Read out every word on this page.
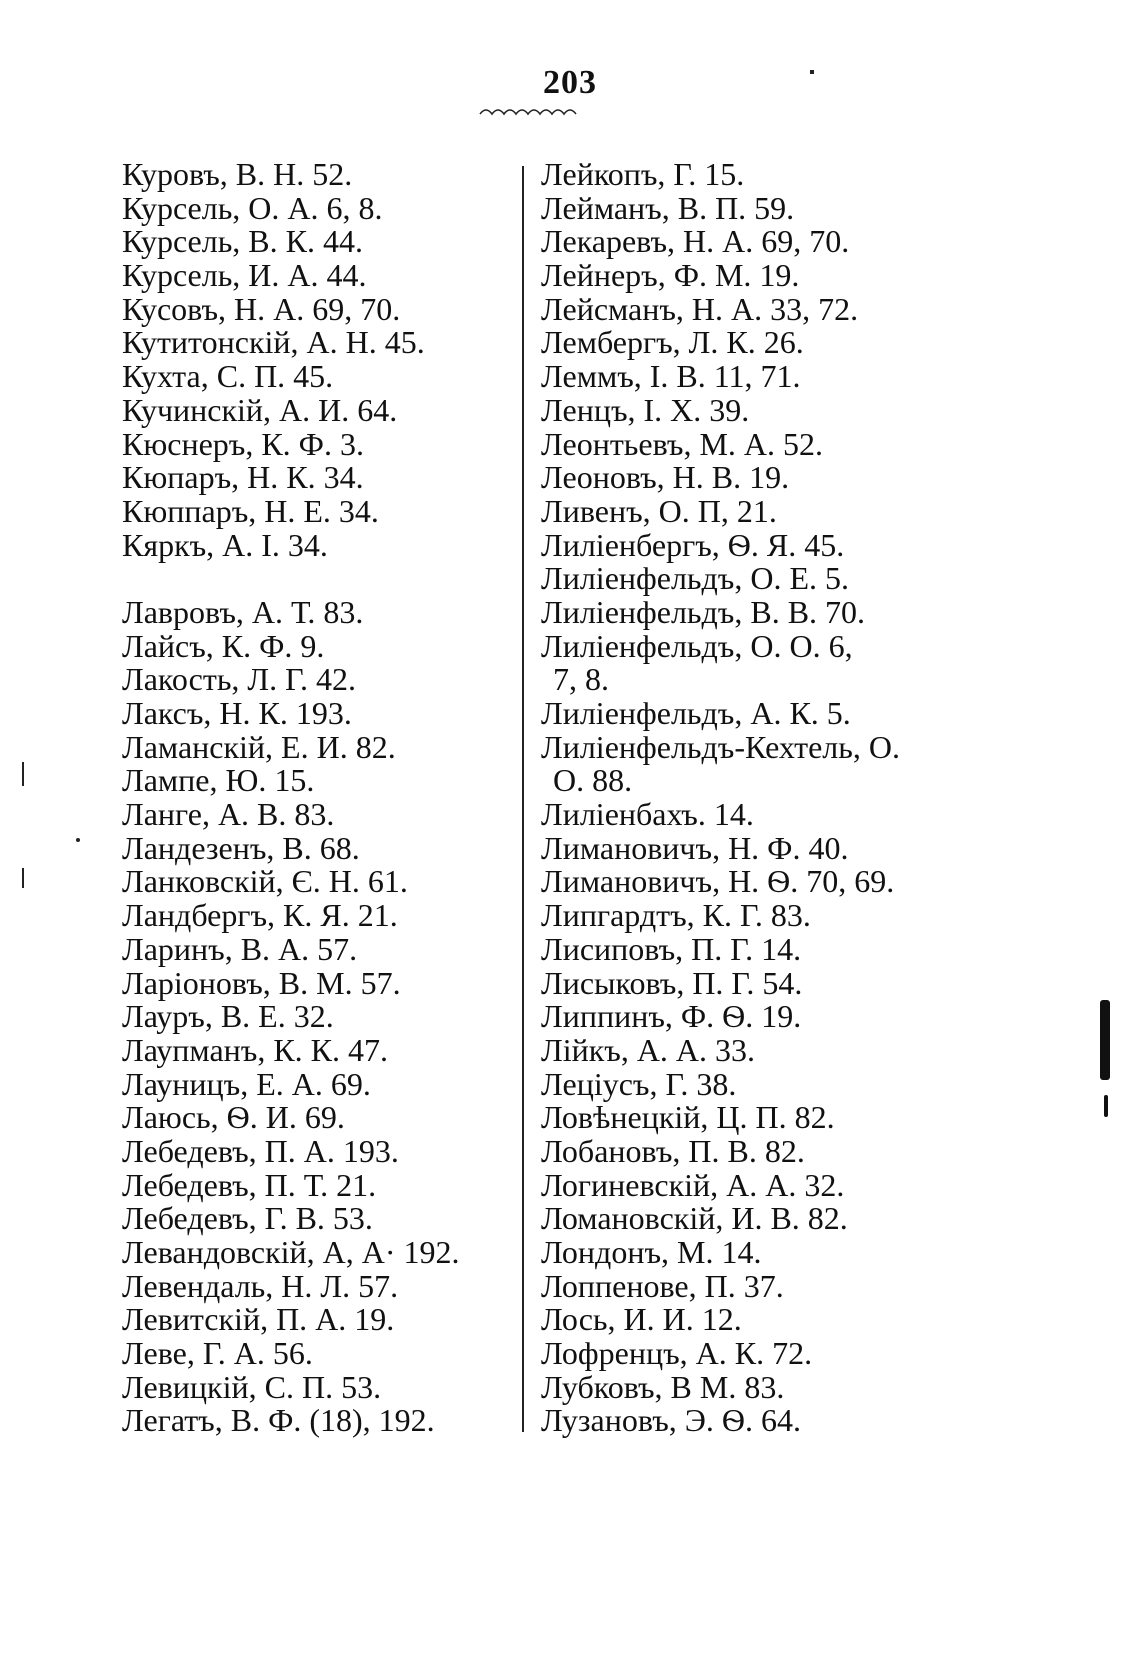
203
Куровъ, В. Н. 52.
Курсель, О. А. 6, 8.
Курсель, В. К. 44.
Курсель, И. А. 44.
Кусовъ, Н. А. 69, 70.
Кутитонскій, А. Н. 45.
Кухта, С. П. 45.
Кучинскій, А. И. 64.
Кюснеръ, К. Ф. 3.
Кюпаръ, Н. К. 34.
Кюппаръ, Н. Е. 34.
Кяркъ, А. І. 34.
Лавровъ, А. Т. 83.
Лайсъ, К. Ф. 9.
Лакость, Л. Г. 42.
Лаксъ, Н. К. 193.
Ламанскій, Е. И. 82.
Лампе, Ю. 15.
Ланге, А. В. 83.
Ландезенъ, В. 68.
Ланковскій, Є. Н. 61.
Ландбергъ, К. Я. 21.
Ларинъ, В. А. 57.
Ларіоновъ, В. М. 57.
Лауръ, В. Е. 32.
Лаупманъ, К. К. 47.
Лауницъ, Е. А. 69.
Лаюсь, Ѳ. И. 69.
Лебедевъ, П. А. 193.
Лебедевъ, П. Т. 21.
Лебедевъ, Г. В. 53.
Левандовскій, А, А· 192.
Левендаль, Н. Л. 57.
Левитскій, П. А. 19.
Леве, Г. А. 56.
Левицкій, С. П. 53.
Легатъ, В. Ф. (18), 192.
Лейкопъ, Г. 15.
Лейманъ, В. П. 59.
Лекаревъ, Н. А. 69, 70.
Лейнеръ, Ф. М. 19.
Лейсманъ, Н. А. 33, 72.
Лембергъ, Л. К. 26.
Леммъ, І. В. 11, 71.
Ленцъ, І. Х. 39.
Леонтьевъ, М. А. 52.
Леоновъ, Н. В. 19.
Ливенъ, О. П, 21.
Лиліенбергъ, Ѳ. Я. 45.
Лиліенфельдъ, О. Е. 5.
Лиліенфельдъ, В. В. 70.
Лиліенфельдъ, О. О. 6,
7, 8.
Лиліенфельдъ, А. К. 5.
Лиліенфельдъ-Кехтель, О.
О. 88.
Лиліенбахъ. 14.
Лимановичъ, Н. Ф. 40.
Лимановичъ, Н. Ѳ. 70, 69.
Липгардтъ, К. Г. 83.
Лисиповъ, П. Г. 14.
Лисыковъ, П. Г. 54.
Липпинъ, Ф. Ѳ. 19.
Лійкъ, А. А. 33.
Леціусъ, Г. 38.
Ловѣнецкій, Ц. П. 82.
Лобановъ, П. В. 82.
Логиневскій, А. А. 32.
Ломановскій, И. В. 82.
Лондонъ, М. 14.
Лоппенове, П. 37.
Лось, И. И. 12.
Лофренцъ, А. К. 72.
Лубковъ, В М. 83.
Лузановъ, Э. Ѳ. 64.
